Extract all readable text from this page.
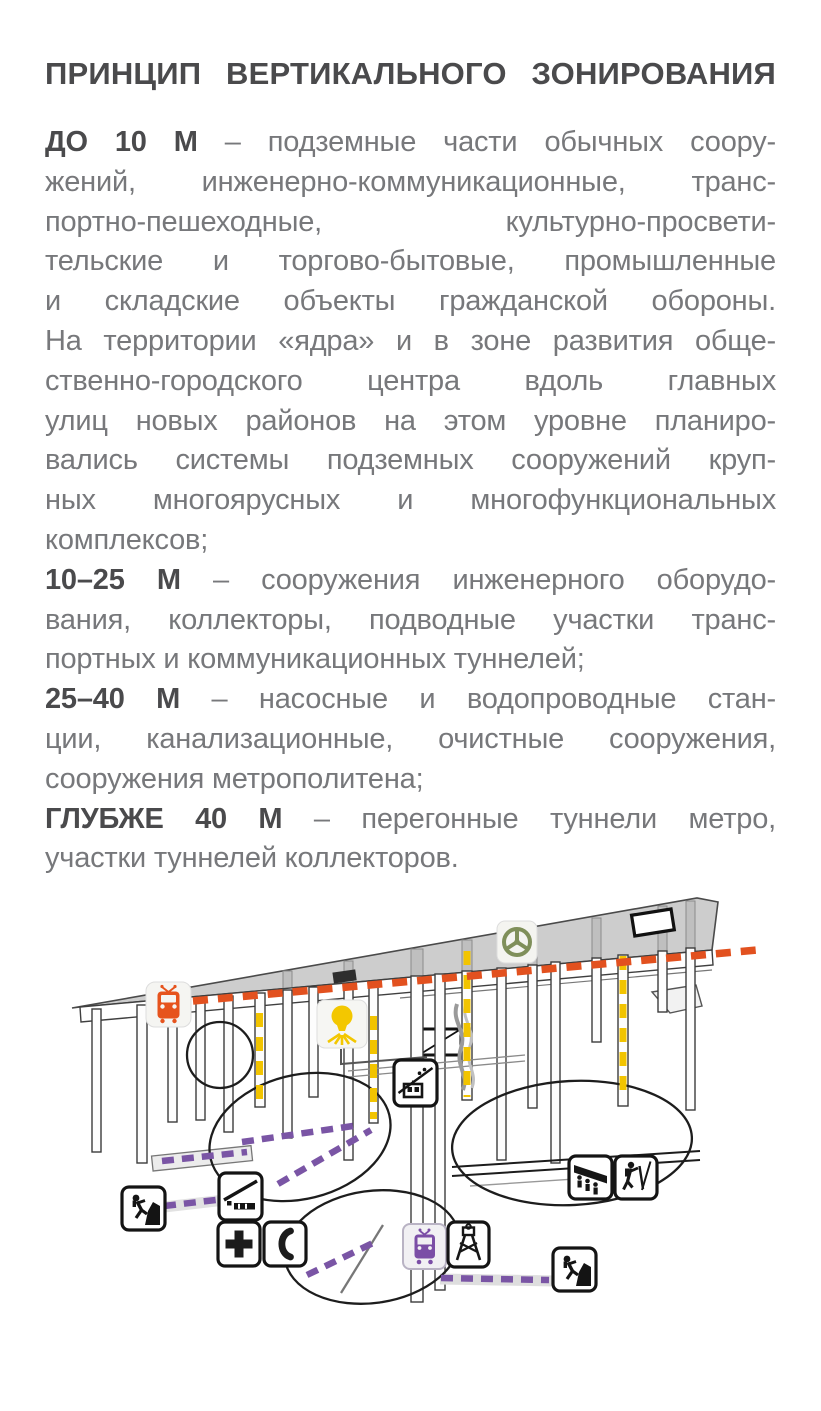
ПРИНЦИП ВЕРТИКАЛЬНОГО ЗОНИРОВАНИЯ
ДО 10 М – подземные части обычных соору-
жений, инженерно-коммуникационные, транс-
портно-пешеходные, культурно-просвети-
тельские и торгово-бытовые, промышленные
и складские объекты гражданской обороны.
На территории «ядра» и в зоне развития обще-
ственно-городского центра вдоль главных
улиц новых районов на этом уровне планиро-
вались системы подземных сооружений круп-
ных многоярусных и многофункциональных
комплексов;
10–25 М – сооружения инженерного оборудо-
вания, коллекторы, подводные участки транс-
портных и коммуникационных туннелей;
25–40 М – насосные и водопроводные стан-
ции, канализационные, очистные сооружения,
сооружения метрополитена;
ГЛУБЖЕ 40 М – перегонные туннели метро,
участки туннелей коллекторов.
